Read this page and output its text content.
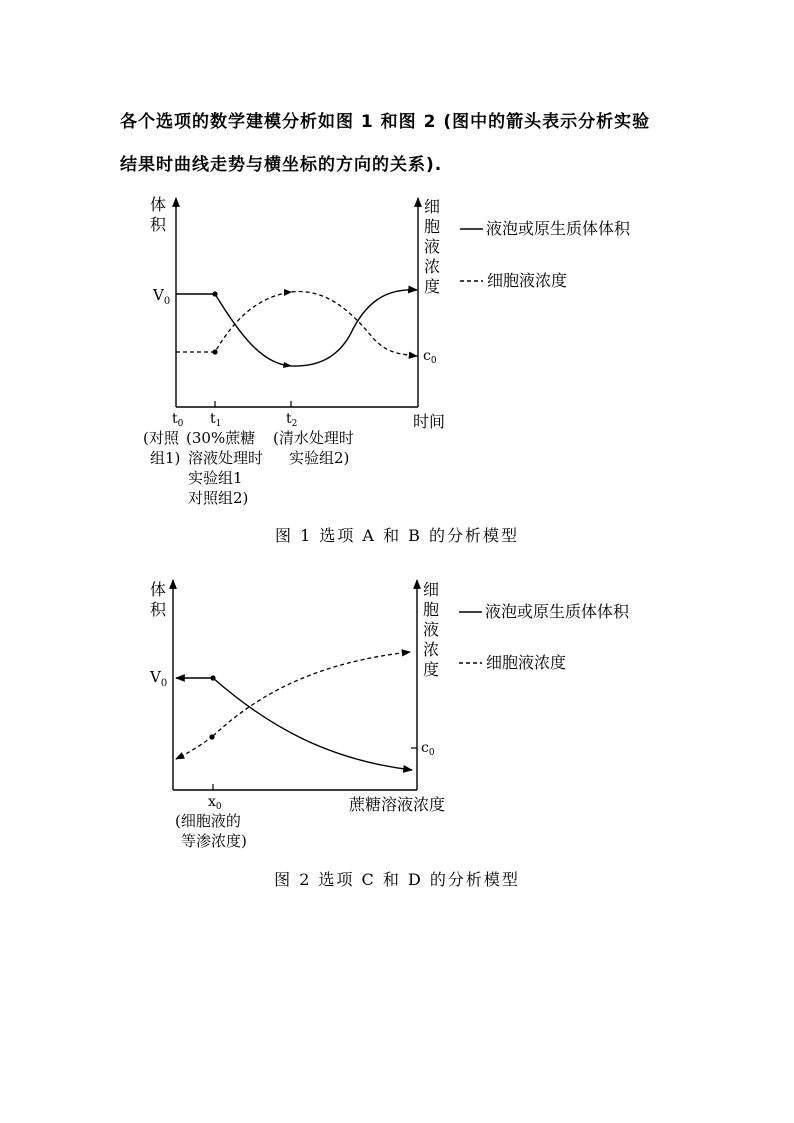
各个选项的数学建模分析如图 1 和图 2 (图中的箭头表示分析实验
结果时曲线走势与横坐标的方向的关系).
体
积
细
胞
液
浓
度
液泡或原生质体体积
细胞液浓度
$V_0$
$c_0$
时间
$t_0$
(对照
组1)
$t_1$
(30%蔗糖
溶液处理时
实验组1
对照组2)
$t_2$
(清水处理时
实验组2)
图 1 选项 A 和 B 的分析模型
体
积
细
胞
液
浓
度
液泡或原生质体体积
细胞液浓度
$V_0$
$c_0$
蔗糖溶液浓度
$x_0$
(细胞液的
等渗浓度)
图 2 选项 C 和 D 的分析模型
